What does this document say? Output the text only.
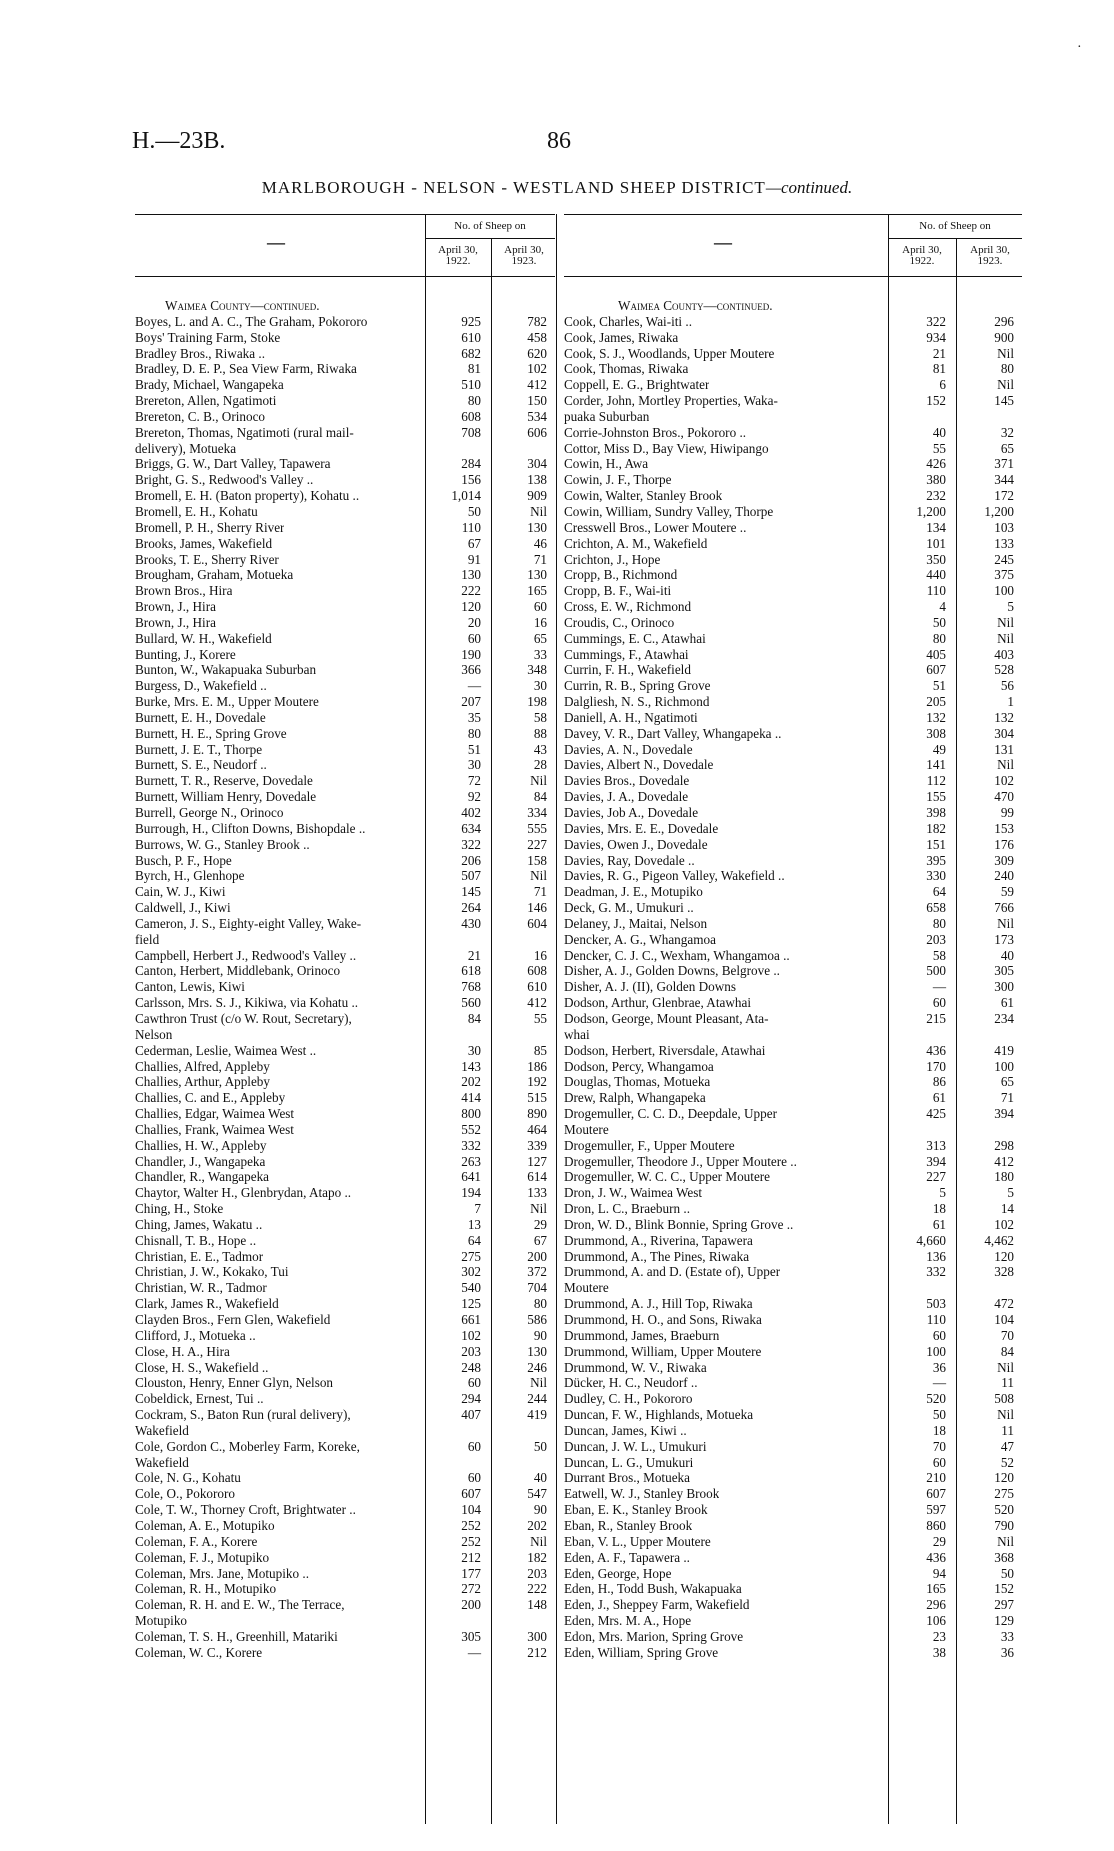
·
H.—23B.	86
MARLBOROUGH - NELSON - WESTLAND SHEEP DISTRICT—continued.
—
No. of Sheep on
April 30, 1922.
April 30, 1923.
Waimea County—continued.
Boyes, L. and A. C., The Graham, Pokororo	925	782
Boys' Training Farm, Stoke	610	458
Bradley Bros., Riwaka ..	682	620
Bradley, D. E. P., Sea View Farm, Riwaka	81	102
Brady, Michael, Wangapeka	510	412
Brereton, Allen, Ngatimoti	80	150
Brereton, C. B., Orinoco	608	534
Brereton, Thomas, Ngatimoti (rural mail-	708	606
delivery), Motueka
Briggs, G. W., Dart Valley, Tapawera	284	304
Bright, G. S., Redwood's Valley ..	156	138
Bromell, E. H. (Baton property), Kohatu ..	1,014	909
Bromell, E. H., Kohatu	50	Nil
Bromell, P. H., Sherry River	110	130
Brooks, James, Wakefield	67	46
Brooks, T. E., Sherry River	91	71
Brougham, Graham, Motueka	130	130
Brown Bros., Hira	222	165
Brown, J., Hira	120	60
Brown, J., Hira	20	16
Bullard, W. H., Wakefield	60	65
Bunting, J., Korere	190	33
Bunton, W., Wakapuaka Suburban	366	348
Burgess, D., Wakefield ..	—	30
Burke, Mrs. E. M., Upper Moutere	207	198
Burnett, E. H., Dovedale	35	58
Burnett, H. E., Spring Grove	80	88
Burnett, J. E. T., Thorpe	51	43
Burnett, S. E., Neudorf ..	30	28
Burnett, T. R., Reserve, Dovedale	72	Nil
Burnett, William Henry, Dovedale	92	84
Burrell, George N., Orinoco	402	334
Burrough, H., Clifton Downs, Bishopdale ..	634	555
Burrows, W. G., Stanley Brook ..	322	227
Busch, P. F., Hope	206	158
Byrch, H., Glenhope	507	Nil
Cain, W. J., Kiwi	145	71
Caldwell, J., Kiwi	264	146
Cameron, J. S., Eighty-eight Valley, Wake-	430	604
field
Campbell, Herbert J., Redwood's Valley ..	21	16
Canton, Herbert, Middlebank, Orinoco	618	608
Canton, Lewis, Kiwi	768	610
Carlsson, Mrs. S. J., Kikiwa, via Kohatu ..	560	412
Cawthron Trust (c/o W. Rout, Secretary),	84	55
Nelson
Cederman, Leslie, Waimea West ..	30	85
Challies, Alfred, Appleby	143	186
Challies, Arthur, Appleby	202	192
Challies, C. and E., Appleby	414	515
Challies, Edgar, Waimea West	800	890
Challies, Frank, Waimea West	552	464
Challies, H. W., Appleby	332	339
Chandler, J., Wangapeka	263	127
Chandler, R., Wangapeka	641	614
Chaytor, Walter H., Glenbrydan, Atapo ..	194	133
Ching, H., Stoke	7	Nil
Ching, James, Wakatu ..	13	29
Chisnall, T. B., Hope ..	64	67
Christian, E. E., Tadmor	275	200
Christian, J. W., Kokako, Tui	302	372
Christian, W. R., Tadmor	540	704
Clark, James R., Wakefield	125	80
Clayden Bros., Fern Glen, Wakefield	661	586
Clifford, J., Motueka ..	102	90
Close, H. A., Hira	203	130
Close, H. S., Wakefield ..	248	246
Clouston, Henry, Enner Glyn, Nelson	60	Nil
Cobeldick, Ernest, Tui ..	294	244
Cockram, S., Baton Run (rural delivery),	407	419
Wakefield
Cole, Gordon C., Moberley Farm, Koreke,	60	50
Wakefield
Cole, N. G., Kohatu	60	40
Cole, O., Pokororo	607	547
Cole, T. W., Thorney Croft, Brightwater ..	104	90
Coleman, A. E., Motupiko	252	202
Coleman, F. A., Korere	252	Nil
Coleman, F. J., Motupiko	212	182
Coleman, Mrs. Jane, Motupiko ..	177	203
Coleman, R. H., Motupiko	272	222
Coleman, R. H. and E. W., The Terrace,	200	148
Motupiko
Coleman, T. S. H., Greenhill, Matariki	305	300
Coleman, W. C., Korere	—	212
—
No. of Sheep on
April 30, 1922.
April 30, 1923.
Waimea County—continued.
Cook, Charles, Wai-iti ..	322	296
Cook, James, Riwaka	934	900
Cook, S. J., Woodlands, Upper Moutere	21	Nil
Cook, Thomas, Riwaka	81	80
Coppell, E. G., Brightwater	6	Nil
Corder, John, Mortley Properties, Waka-	152	145
puaka Suburban
Corrie-Johnston Bros., Pokororo ..	40	32
Cottor, Miss D., Bay View, Hiwipango	55	65
Cowin, H., Awa	426	371
Cowin, J. F., Thorpe	380	344
Cowin, Walter, Stanley Brook	232	172
Cowin, William, Sundry Valley, Thorpe	1,200	1,200
Cresswell Bros., Lower Moutere ..	134	103
Crichton, A. M., Wakefield	101	133
Crichton, J., Hope	350	245
Cropp, B., Richmond	440	375
Cropp, B. F., Wai-iti	110	100
Cross, E. W., Richmond	4	5
Croudis, C., Orinoco	50	Nil
Cummings, E. C., Atawhai	80	Nil
Cummings, F., Atawhai	405	403
Currin, F. H., Wakefield	607	528
Currin, R. B., Spring Grove	51	56
Dalgliesh, N. S., Richmond	205	1
Daniell, A. H., Ngatimoti	132	132
Davey, V. R., Dart Valley, Whangapeka ..	308	304
Davies, A. N., Dovedale	49	131
Davies, Albert N., Dovedale	141	Nil
Davies Bros., Dovedale	112	102
Davies, J. A., Dovedale	155	470
Davies, Job A., Dovedale	398	99
Davies, Mrs. E. E., Dovedale	182	153
Davies, Owen J., Dovedale	151	176
Davies, Ray, Dovedale ..	395	309
Davies, R. G., Pigeon Valley, Wakefield ..	330	240
Deadman, J. E., Motupiko	64	59
Deck, G. M., Umukuri ..	658	766
Delaney, J., Maitai, Nelson	80	Nil
Dencker, A. G., Whangamoa	203	173
Dencker, C. J. C., Wexham, Whangamoa ..	58	40
Disher, A. J., Golden Downs, Belgrove ..	500	305
Disher, A. J. (II), Golden Downs	—	300
Dodson, Arthur, Glenbrae, Atawhai	60	61
Dodson, George, Mount Pleasant, Ata-	215	234
whai
Dodson, Herbert, Riversdale, Atawhai	436	419
Dodson, Percy, Whangamoa	170	100
Douglas, Thomas, Motueka	86	65
Drew, Ralph, Whangapeka	61	71
Drogemuller, C. C. D., Deepdale, Upper	425	394
Moutere
Drogemuller, F., Upper Moutere	313	298
Drogemuller, Theodore J., Upper Moutere ..	394	412
Drogemuller, W. C. C., Upper Moutere	227	180
Dron, J. W., Waimea West	5	5
Dron, L. C., Braeburn ..	18	14
Dron, W. D., Blink Bonnie, Spring Grove ..	61	102
Drummond, A., Riverina, Tapawera	4,660	4,462
Drummond, A., The Pines, Riwaka	136	120
Drummond, A. and D. (Estate of), Upper	332	328
Moutere
Drummond, A. J., Hill Top, Riwaka	503	472
Drummond, H. O., and Sons, Riwaka	110	104
Drummond, James, Braeburn	60	70
Drummond, William, Upper Moutere	100	84
Drummond, W. V., Riwaka	36	Nil
Dücker, H. C., Neudorf ..	—	11
Dudley, C. H., Pokororo	520	508
Duncan, F. W., Highlands, Motueka	50	Nil
Duncan, James, Kiwi ..	18	11
Duncan, J. W. L., Umukuri	70	47
Duncan, L. G., Umukuri	60	52
Durrant Bros., Motueka	210	120
Eatwell, W. J., Stanley Brook	607	275
Eban, E. K., Stanley Brook	597	520
Eban, R., Stanley Brook	860	790
Eban, V. L., Upper Moutere	29	Nil
Eden, A. F., Tapawera ..	436	368
Eden, George, Hope	94	50
Eden, H., Todd Bush, Wakapuaka	165	152
Eden, J., Sheppey Farm, Wakefield	296	297
Eden, Mrs. M. A., Hope	106	129
Edon, Mrs. Marion, Spring Grove	23	33
Eden, William, Spring Grove	38	36
